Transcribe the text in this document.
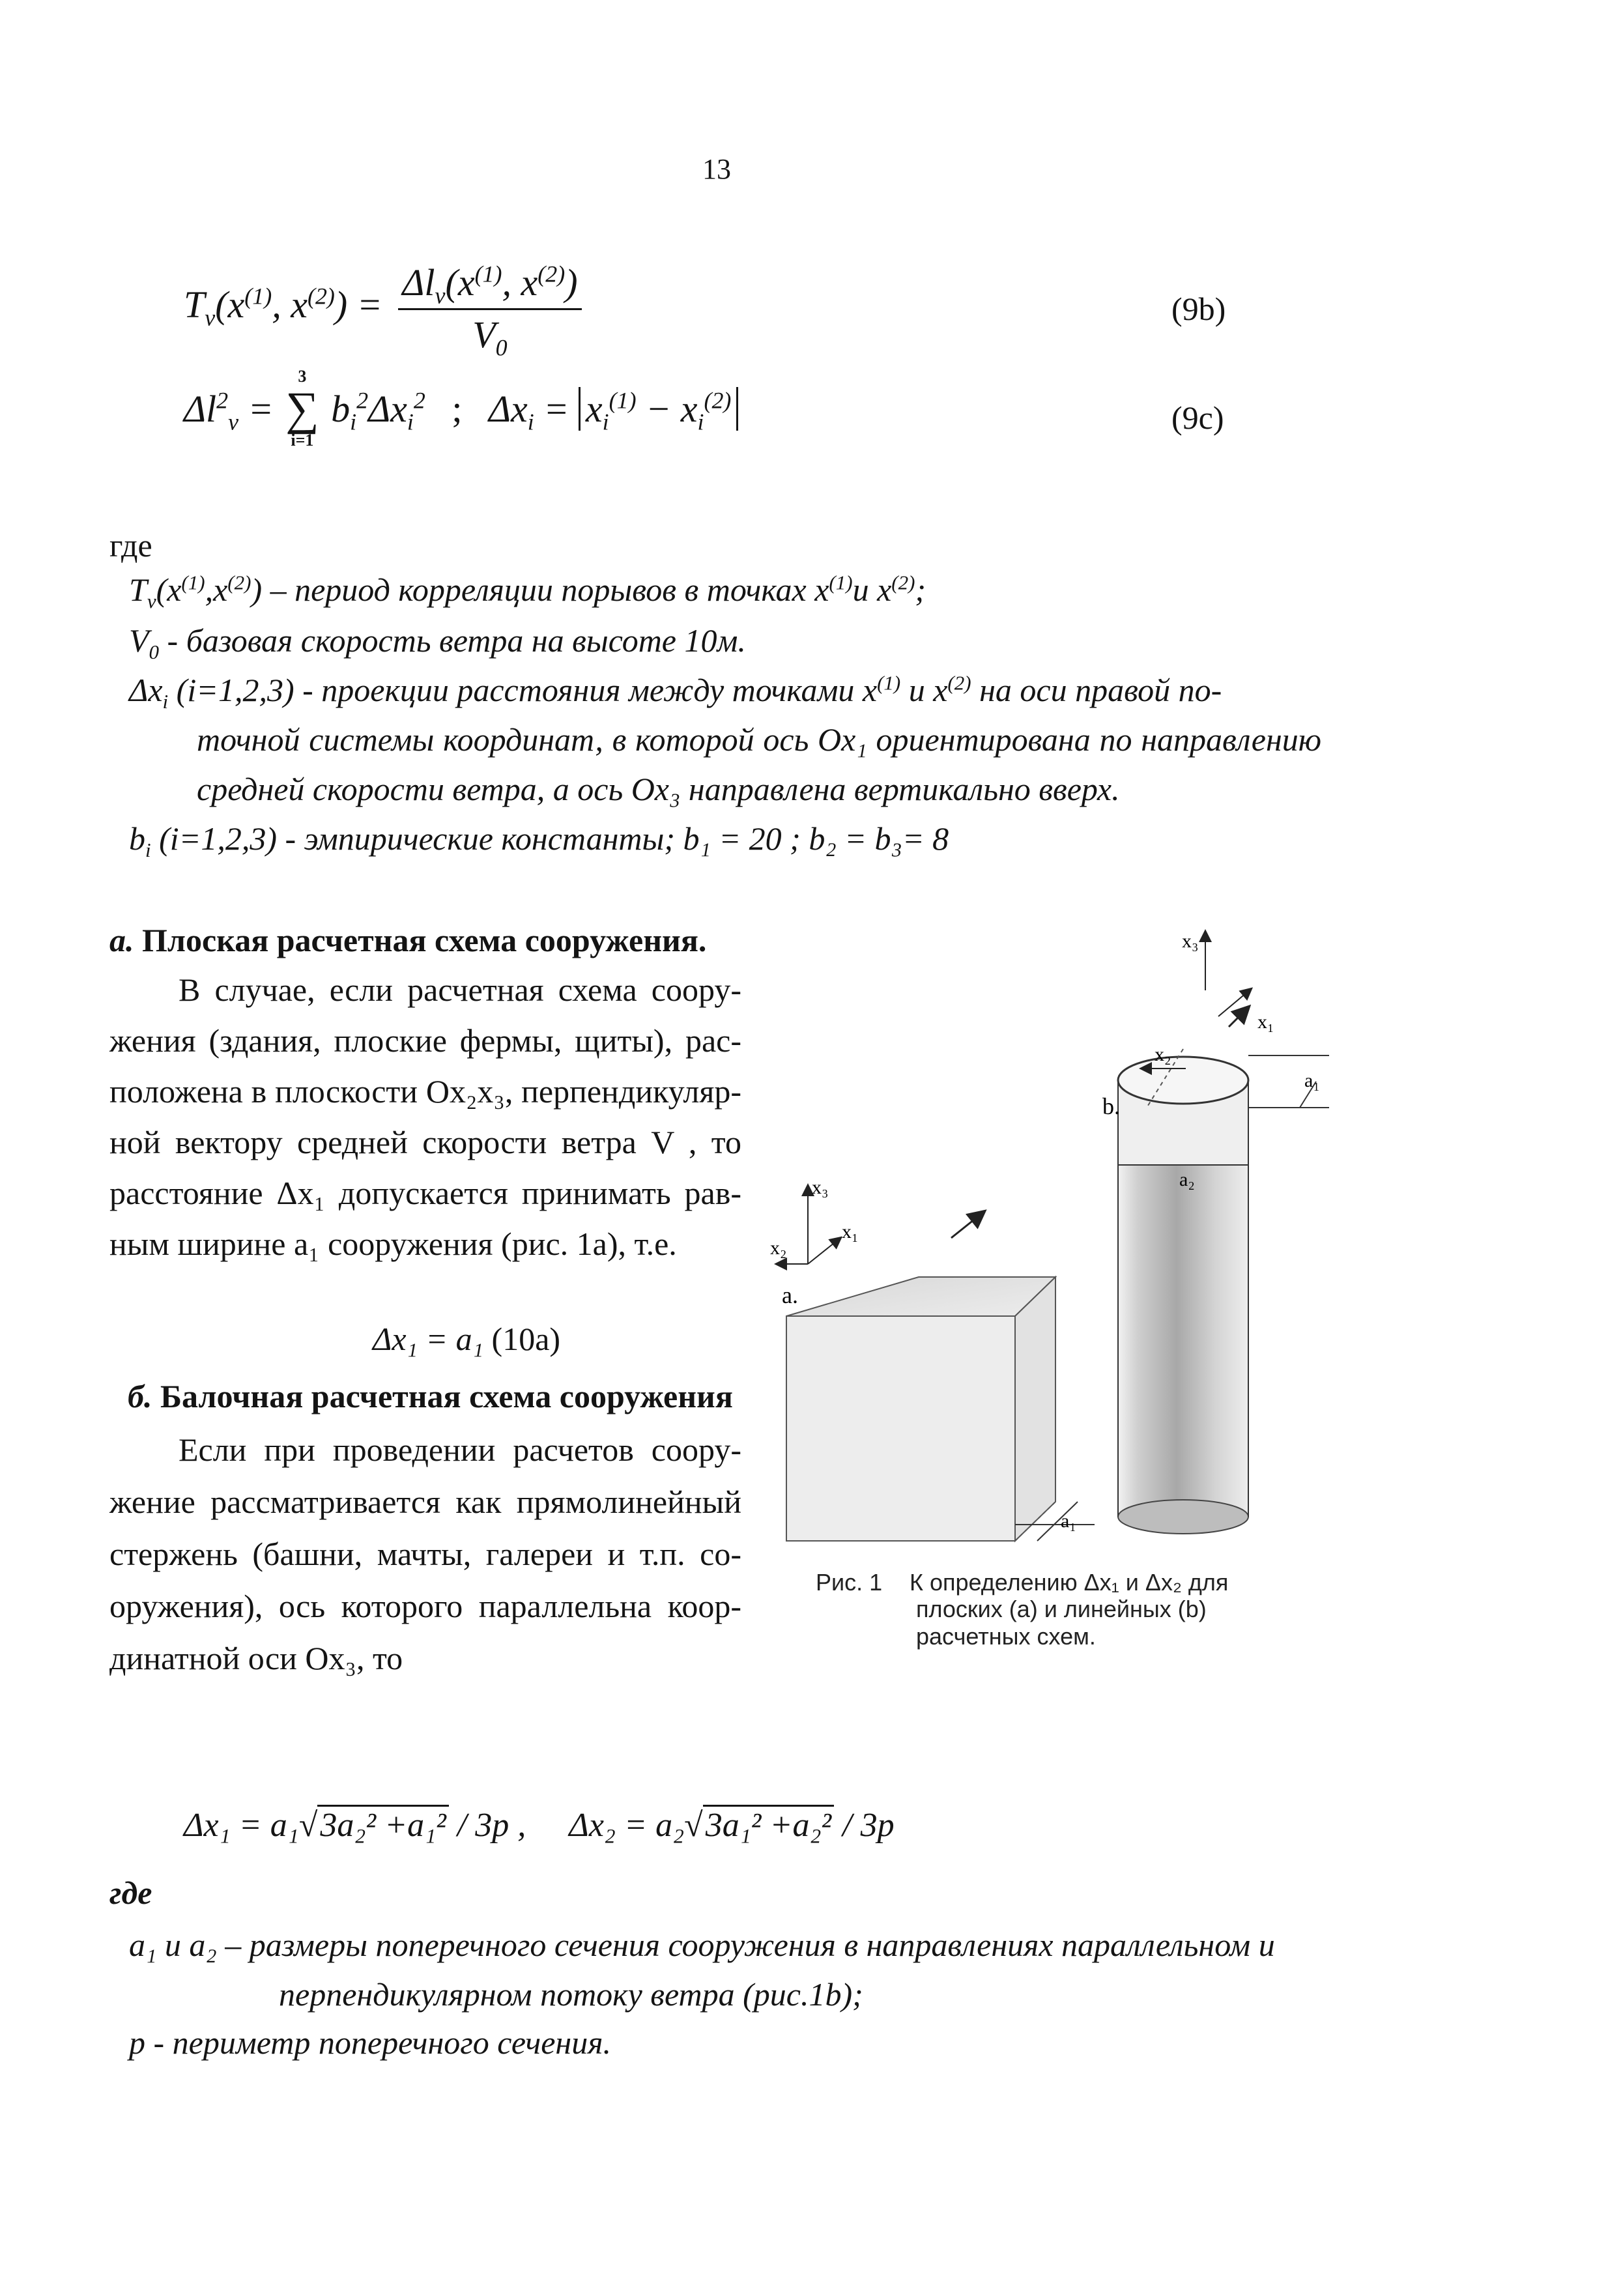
13
$T_v(x^{(1)}$, $x^{(2)}) = \frac{\Delta l_v(x^{(1)}, x^{(2)})}{V_0}$	(9b)
$\Delta l^2_v$ =
3
∑
i=1
$b_i^2\Delta x_i^2$ ; $\Delta x_i = x_i^{(1)} - x_i^{(2)}$	(9c)
где
$T_v(x^{(1)},x^{(2)})$ – период корреляции порывов в точках $x^{(1)}и$ $x^{(2)}$;
$V_0$ - базовая скорость ветра на высоте 10м.
$\Delta x_i$ (i=1,2,3) - проекции расстояния между точками $x^{(1)}$ и $x^{(2)}$ на оси правой по-
точной системы координат, в которой ось Ox₁ ориентирована по направлению
средней скорости ветра, а ось Ox₃ направлена вертикально вверх.
$b_i$ (i=1,2,3) - эмпирические константы; b₁ = 20 ; b₂ = b₃= 8
a. Плоская расчетная схема сооружения.
В случае, если расчетная схема соору-
жения (здания, плоские фермы, щиты), рас-
положена в плоскости Ox₂x₃, перпендикуляр-
ной вектору средней скорости ветра V , то
расстояние Δx₁ допускается принимать рав-
ным ширине a₁ сооружения (рис. 1а), т.е.
Δx₁ = a₁ (10a)
б. Балочная расчетная схема сооружения
Если при проведении расчетов соору-
жение рассматривается как прямолинейный
стержень (башни, мачты, галереи и т.п. со-
оружения), ось которого параллельна коор-
динатной оси Ox₃, то
a₁
a.
x₃
x₂
x₁
a₁
a₂
b.
x₃
x₂
x₁
Рис. 1 К определению Δx₁ и Δx₂ для
плоских (a) и линейных (b)
расчетных схем.
Δx₁ = a₁√3a₂² +a₁² / 3p , Δx₂ = a₂√3a₁² +a₂² / 3p
где
a₁ и a₂ – размеры поперечного сечения сооружения в направлениях параллельном и
перпендикулярном потоку ветра (рис.1b);
p - периметр поперечного сечения.
